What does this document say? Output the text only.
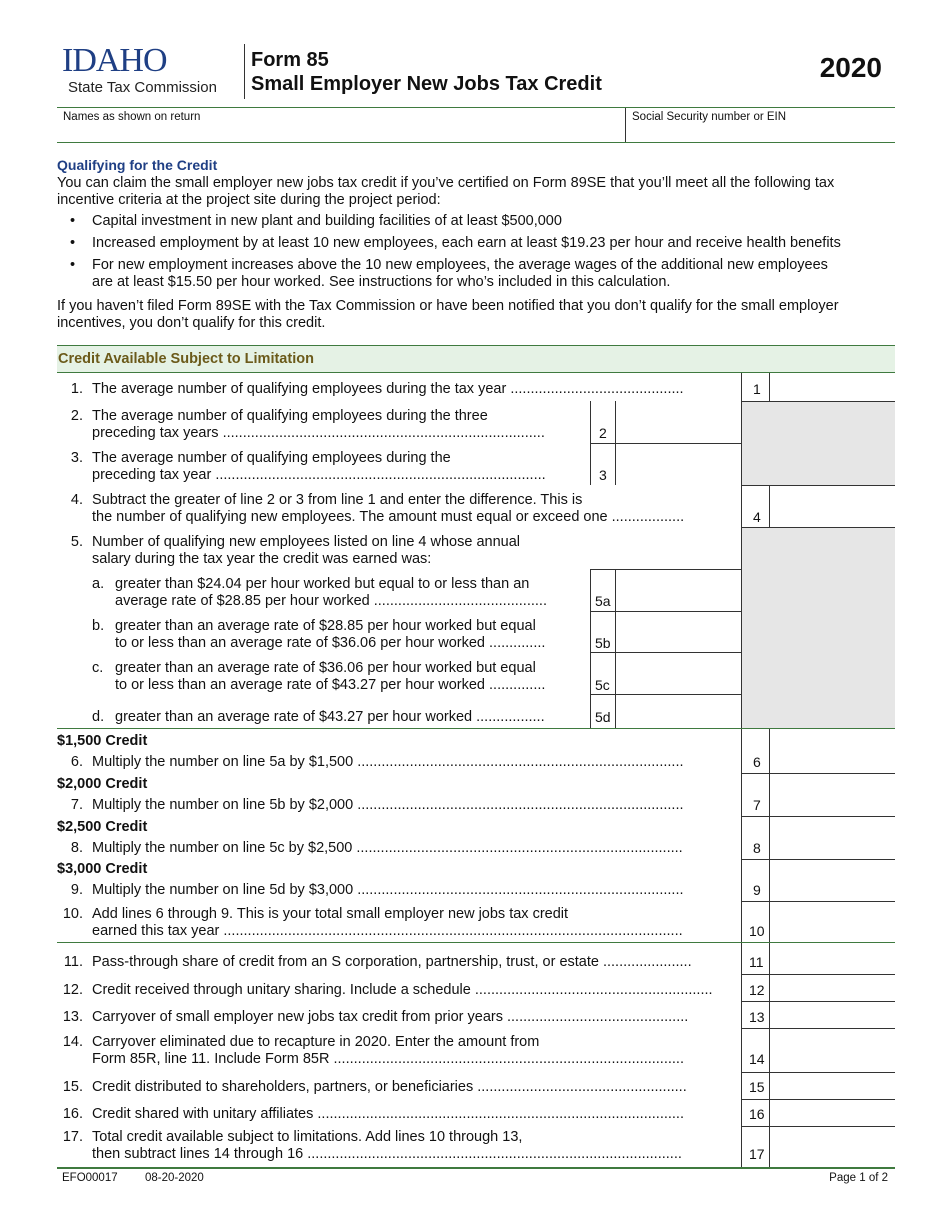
IDAHO
State Tax Commission
Form 85
Small Employer New Jobs Tax Credit
2020
Names as shown on return	Social Security number or EIN
Qualifying for the Credit
You can claim the small employer new jobs tax credit if you’ve certified on Form 89SE that you’ll meet all the following tax
incentive criteria at the project site during the project period:
• Capital investment in new plant and building facilities of at least $500,000
• Increased employment by at least 10 new employees, each earn at least $19.23 per hour and receive health benefits
• For new employment increases above the 10 new employees, the average wages of the additional new employees
are at least $15.50 per hour worked. See instructions for who’s included in this calculation.
If you haven’t filed Form 89SE with the Tax Commission or have been notified that you don’t qualify for the small employer
incentives, you don’t qualify for this credit.
Credit Available Subject to Limitation
1. The average number of qualifying employees during the tax year ...........................................	1
2. The average number of qualifying employees during the three
preceding tax years ................................................................................	2
3. The average number of qualifying employees during the
preceding tax year ..................................................................................	3
4. Subtract the greater of line 2 or 3 from line 1 and enter the difference. This is
the number of qualifying new employees. The amount must equal or exceed one ..................	4
5. Number of qualifying new employees listed on line 4 whose annual
salary during the tax year the credit was earned was:
a. greater than $24.04 per hour worked but equal to or less than an
average rate of $28.85 per hour worked ...........................................	5a
b. greater than an average rate of $28.85 per hour worked but equal
to or less than an average rate of $36.06 per hour worked ..............	5b
c. greater than an average rate of $36.06 per hour worked but equal
to or less than an average rate of $43.27 per hour worked ..............	5c
d. greater than an average rate of $43.27 per hour worked .................	5d
$1,500 Credit
6. Multiply the number on line 5a by $1,500 .................................................................................	6
$2,000 Credit
7. Multiply the number on line 5b by $2,000 .................................................................................	7
$2,500 Credit
8. Multiply the number on line 5c by $2,500 .................................................................................	8
$3,000 Credit
9. Multiply the number on line 5d by $3,000 .................................................................................	9
10. Add lines 6 through 9. This is your total small employer new jobs tax credit
earned this tax year ..................................................................................................................	10
11. Pass-through share of credit from an S corporation, partnership, trust, or estate ......................	11
12. Credit received through unitary sharing. Include a schedule ...........................................................	12
13. Carryover of small employer new jobs tax credit from prior years .............................................	13
14. Carryover eliminated due to recapture in 2020. Enter the amount from
Form 85R, line 11. Include Form 85R .......................................................................................	14
15. Credit distributed to shareholders, partners, or beneficiaries ....................................................	15
16. Credit shared with unitary affiliates ...........................................................................................	16
17. Total credit available subject to limitations. Add lines 10 through 13,
then subtract lines 14 through 16 .............................................................................................	17
EFO00017 08-20-2020	Page 1 of 2
